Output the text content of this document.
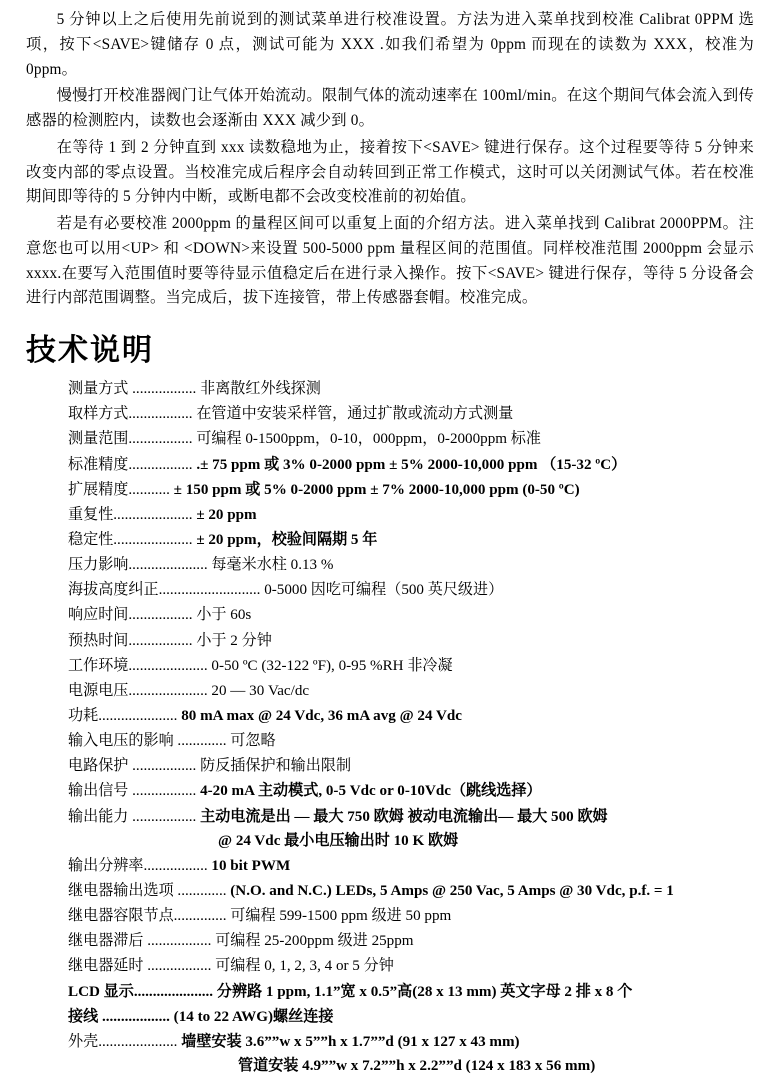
5 分钟以上之后使用先前说到的测试菜单进行校准设置。方法为进入菜单找到校准 Calibrat 0PPM 选项，按下<SAVE>键储存 0 点，测试可能为 XXX .如我们希望为 0ppm 而现在的读数为 XXX，校准为 0ppm。

慢慢打开校准器阀门让气体开始流动。限制气体的流动速率在 100ml/min。在这个期间气体会流入到传感器的检测腔内，读数也会逐渐由 XXX 减少到 0。

在等待 1 到 2 分钟直到 xxx 读数稳地为止，接着按下<SAVE> 键进行保存。这个过程要等待 5 分钟来改变内部的零点设置。当校准完成后程序会自动转回到正常工作模式，这时可以关闭测试气体。若在校准期间即等待的 5 分钟内中断，或断电都不会改变校准前的初始值。

若是有必要校准 2000ppm 的量程区间可以重复上面的介绍方法。进入菜单找到 Calibrat 2000PPM。注意您也可以用<UP> 和 <DOWN>来设置 500-5000 ppm 量程区间的范围值。同样校准范围 2000ppm 会显示 xxxx.在要写入范围值时要等待显示值稳定后在进行录入操作。按下<SAVE> 键进行保存，等待 5 分设备会进行内部范围调整。当完成后，拔下连接管，带上传感器套帽。校准完成。

技术说明
测量方式 ................. 非离散红外线探测
取样方式................. 在管道中安装采样管，通过扩散或流动方式测量
测量范围................. 可编程 0-1500ppm，0-10，000ppm，0-2000ppm 标准
标准精度................. .± 75 ppm 或 3% 0-2000 ppm ± 5% 2000-10,000 ppm （15-32 ºC）
扩展精度........... ± 150 ppm 或 5% 0-2000 ppm ± 7% 2000-10,000 ppm (0-50 ºC)
重复性..................... ± 20 ppm
稳定性..................... ± 20 ppm，校验间隔期 5 年
压力影响..................... 每毫米水柱 0.13 %
海拔高度纠正........................... 0-5000 因吃可编程（500 英尺级进）
响应时间................. 小于 60s
预热时间................. 小于 2 分钟
工作环境..................... 0-50 ºC (32-122 ºF), 0-95 %RH 非冷凝
电源电压..................... 20 — 30 Vac/dc
功耗..................... 80 mA max @ 24 Vdc, 36 mA avg @ 24 Vdc
输入电压的影响 ............. 可忽略
电路保护 ................. 防反插保护和输出限制
输出信号 ................. 4-20 mA 主动模式, 0-5 Vdc or 0-10Vdc（跳线选择）
输出能力 ................. 主动电流是出 — 最大 750 欧姆 被动电流输出— 最大 500 欧姆
@ 24 Vdc 最小电压输出时 10 K 欧姆
输出分辨率................. 10 bit PWM
继电器输出选项 ............. (N.O. and N.C.) LEDs, 5 Amps @ 250 Vac, 5 Amps @ 30 Vdc, p.f. = 1
继电器容限节点.............. 可编程 599-1500 ppm 级进 50 ppm
继电器滞后 ................. 可编程 25-200ppm 级进 25ppm
继电器延时 ................. 可编程 0, 1, 2, 3, 4 or 5 分钟
LCD 显示..................... 分辨路 1 ppm, 1.1”宽 x 0.5”高(28 x 13 mm) 英文字母 2 排 x 8 个
接线 .................. (14 to 22 AWG)螺丝连接
外壳..................... 墙壁安装 3.6””w x 5””h x 1.7””d (91 x 127 x 43 mm)
管道安装 4.9””w x 7.2””h x 2.2””d (124 x 183 x 56 mm)
